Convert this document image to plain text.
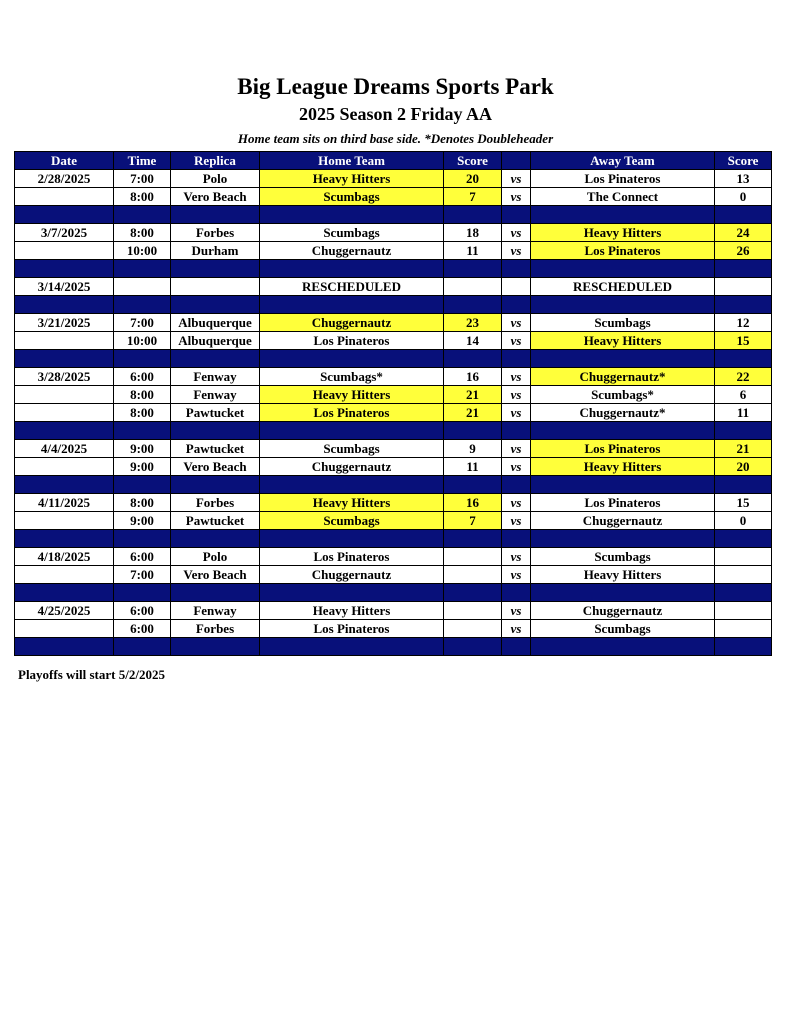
Big League Dreams Sports Park
2025 Season 2 Friday AA
Home team sits on third base side. *Denotes Doubleheader
Date	Time	Replica	Home Team	Score		Away Team	Score
2/28/2025	7:00	Polo	Heavy Hitters	20	vs	Los Pinateros	13
	8:00	Vero Beach	Scumbags	7	vs	The Connect	0

3/7/2025	8:00	Forbes	Scumbags	18	vs	Heavy Hitters	24
	10:00	Durham	Chuggernautz	11	vs	Los Pinateros	26

3/14/2025			RESCHEDULED			RESCHEDULED	

3/21/2025	7:00	Albuquerque	Chuggernautz	23	vs	Scumbags	12
	10:00	Albuquerque	Los Pinateros	14	vs	Heavy Hitters	15

3/28/2025	6:00	Fenway	Scumbags*	16	vs	Chuggernautz*	22
	8:00	Fenway	Heavy Hitters	21	vs	Scumbags*	6
	8:00	Pawtucket	Los Pinateros	21	vs	Chuggernautz*	11

4/4/2025	9:00	Pawtucket	Scumbags	9	vs	Los Pinateros	21
	9:00	Vero Beach	Chuggernautz	11	vs	Heavy Hitters	20

4/11/2025	8:00	Forbes	Heavy Hitters	16	vs	Los Pinateros	15
	9:00	Pawtucket	Scumbags	7	vs	Chuggernautz	0

4/18/2025	6:00	Polo	Los Pinateros		vs	Scumbags	
	7:00	Vero Beach	Chuggernautz		vs	Heavy Hitters	

4/25/2025	6:00	Fenway	Heavy Hitters		vs	Chuggernautz	
	6:00	Forbes	Los Pinateros		vs	Scumbags	

Playoffs will start 5/2/2025
